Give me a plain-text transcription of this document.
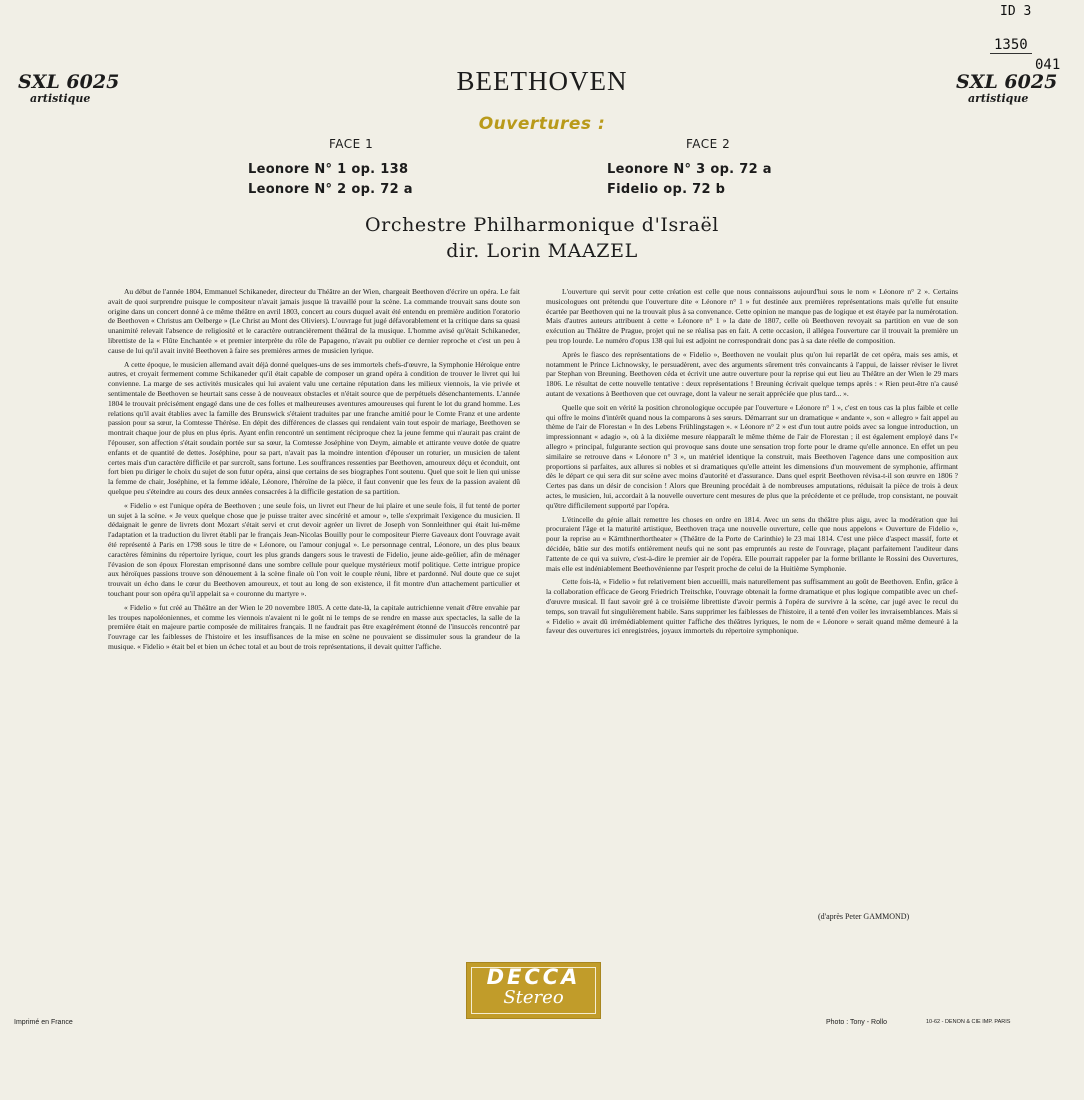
ID 3
1350
041
SXL 6025
artistique
SXL 6025
artistique
BEETHOVEN
Ouvertures :
FACE 1
Leonore N° 1 op. 138
Leonore N° 2 op. 72 a
FACE 2
Leonore N° 3 op. 72 a
Fidelio op. 72 b
Orchestre Philharmonique d'Israël
dir. Lorin MAAZEL

Au début de l'année 1804, Emmanuel Schikaneder, directeur du Théâtre an der Wien, chargeait Beethoven d'écrire un opéra. Le fait avait de quoi surprendre puisque le compositeur n'avait jamais jusque là travaillé pour la scène. La commande trouvait sans doute son origine dans un concert donné à ce même théâtre en avril 1803, concert au cours duquel avait été entendu en première audition l'oratorio de Beethoven « Christus am Oelberge » (Le Christ au Mont des Oliviers). L'ouvrage fut jugé défavorablement et la critique dans sa quasi unanimité relevait l'absence de religiosité et le caractère outrancièrement théâtral de la musique. L'homme avisé qu'était Schikaneder, librettiste de la « Flûte Enchantée » et premier interprète du rôle de Papageno, n'avait pu oublier ce dernier reproche et c'est un peu à cause de lui qu'il avait invité Beethoven à faire ses premières armes de musicien lyrique.

A cette époque, le musicien allemand avait déjà donné quelques-uns de ses immortels chefs-d'œuvre, la Symphonie Héroïque entre autres, et croyait fermement comme Schikaneder qu'il était capable de composer un grand opéra à condition de trouver le livret qui lui convienne. La marge de ses activités musicales qui lui avaient valu une certaine réputation dans les milieux viennois, la vie privée et sentimentale de Beethoven se heurtait sans cesse à de nouveaux obstacles et n'était source que de perpétuels désenchantements. L'année 1804 le trouvait précisément engagé dans une de ces folles et malheureuses aventures amoureuses qui furent le lot du grand homme. Les relations qu'il avait établies avec la famille des Brunswick s'étaient traduites par une franche amitié pour le Comte Franz et une ardente passion pour sa sœur, la Comtesse Thérèse. En dépit des différences de classes qui rendaient vain tout espoir de mariage, Beethoven se montrait chaque jour de plus en plus épris. Ayant enfin rencontré un sentiment réciproque chez la jeune femme qui n'aurait pas craint de l'épouser, son affection s'était soudain portée sur sa sœur, la Comtesse Joséphine von Deym, aimable et attirante veuve dotée de quatre enfants et de quantité de dettes. Joséphine, pour sa part, n'avait pas la moindre intention d'épouser un roturier, un musicien de talent certes mais d'un caractère difficile et par surcroît, sans fortune. Les souffrances ressenties par Beethoven, amoureux déçu et éconduit, ont fort bien pu diriger le choix du sujet de son futur opéra, ainsi que certains de ses biographes l'ont soutenu. Quel que soit le lien qui unisse la femme de chair, Joséphine, et la femme idéale, Léonore, l'héroïne de la pièce, il faut convenir que les feux de la passion avaient dû quelque peu s'éteindre au cours des deux années consacrées à la difficile gestation de sa partition.

« Fidelio » est l'unique opéra de Beethoven ; une seule fois, un livret eut l'heur de lui plaire et une seule fois, il fut tenté de porter un sujet à la scène. « Je veux quelque chose que je puisse traiter avec sincérité et amour », telle s'exprimait l'exigence du musicien. Il dédaignait le genre de livrets dont Mozart s'était servi et crut devoir agréer un livret de Joseph von Sonnleithner qui était lui-même l'adaptation et la traduction du livret établi par le français Jean-Nicolas Bouilly pour le compositeur Pierre Gaveaux dont l'ouvrage avait été représenté à Paris en 1798 sous le titre de « Léonore, ou l'amour conjugal ». Le personnage central, Léonore, un des plus beaux caractères féminins du répertoire lyrique, court les plus grands dangers sous le travesti de Fidelio, jeune aide-geôlier, afin de ménager l'évasion de son époux Florestan emprisonné dans une sombre cellule pour quelque mystérieux motif politique. Cette intrigue propice aux héroïques passions trouve son dénouement à la scène finale où l'on voit le couple réuni, libre et pardonné. Nul doute que ce sujet trouvait un écho dans le cœur du Beethoven amoureux, et tout au long de son existence, il fit montre d'un attachement particulier et touchant pour son opéra qu'il appelait sa « couronne du martyre ».

« Fidelio » fut créé au Théâtre an der Wien le 20 novembre 1805. A cette date-là, la capitale autrichienne venait d'être envahie par les troupes napoléoniennes, et comme les viennois n'avaient ni le goût ni le temps de se rendre en masse aux spectacles, la salle de la première était en majeure partie composée de militaires français. Il ne faudrait pas être exagérément étonné de l'insuccès rencontré par l'ouvrage car les faiblesses de l'histoire et les insuffisances de la mise en scène ne pouvaient se dissimuler sous la grandeur de la musique. « Fidelio » était bel et bien un échec total et au bout de trois représentations, il devait quitter l'affiche.

L'ouverture qui servit pour cette création est celle que nous connaissons aujourd'hui sous le nom « Léonore n° 2 ». Certains musicologues ont prétendu que l'ouverture dite « Léonore n° 1 » fut destinée aux premières représentations mais qu'elle fut ensuite écartée par Beethoven qui ne la trouvait plus à sa convenance. Cette opinion ne manque pas de logique et est étayée par la numérotation. Mais d'autres auteurs attribuent à cette « Léonore n° 1 » la date de 1807, celle où Beethoven revoyait sa partition en vue de son exécution au Théâtre de Prague, projet qui ne se réalisa pas en fait. A cette occasion, il allégea l'ouverture car il trouvait la première un peu trop lourde. Le numéro d'opus 138 qui lui est adjoint ne correspondrait donc pas à sa date réelle de composition.

Après le fiasco des représentations de « Fidelio », Beethoven ne voulait plus qu'on lui reparlât de cet opéra, mais ses amis, et notamment le Prince Lichnowsky, le persuadèrent, avec des arguments sûrement très convaincants à l'appui, de laisser réviser le livret par Stephan von Breuning. Beethoven céda et écrivit une autre ouverture pour la reprise qui eut lieu au Théâtre an der Wien le 29 mars 1806. Le résultat de cette nouvelle tentative : deux représentations ! Breuning écrivait quelque temps après : « Rien peut-être n'a causé autant de vexations à Beethoven que cet ouvrage, dont la valeur ne serait appréciée que plus tard... ».

Quelle que soit en vérité la position chronologique occupée par l'ouverture « Léonore n° 1 », c'est en tous cas la plus faible et celle qui offre le moins d'intérêt quand nous la comparons à ses sœurs. Démarrant sur un dramatique « andante », son « allegro » fait appel au thème de l'air de Florestan « In des Lebens Frühlingstagen ». « Léonore n° 2 » est d'un tout autre poids avec sa longue introduction, un impressionnant « adagio », où à la dixième mesure réapparaît le même thème de l'air de Florestan ; il est également employé dans l'« allegro » principal, fulgurante section qui provoque sans doute une sensation trop forte pour le drame qu'elle annonce. En effet un peu similaire se retrouve dans « Léonore n° 3 », un matériel identique la construit, mais Beethoven l'agence dans une composition aux proportions si parfaites, aux allures si nobles et si dramatiques qu'elle atteint les dimensions d'un mouvement de symphonie, affirmant dès le départ ce qui sera dit sur scène avec moins d'autorité et d'assurance. Dans quel esprit Beethoven révisa-t-il son œuvre en 1806 ? Certes pas dans un désir de concision ! Alors que Breuning procédait à de nombreuses amputations, réduisait la pièce de trois à deux actes, le musicien, lui, accordait à la nouvelle ouverture cent mesures de plus que la précédente et ce prélude, trop consistant, ne pouvait qu'être difficilement supporté par l'opéra.

L'étincelle du génie allait remettre les choses en ordre en 1814. Avec un sens du théâtre plus aigu, avec la modération que lui procuraient l'âge et la maturité artistique, Beethoven traça une nouvelle ouverture, celle que nous appelons « Ouverture de Fidelio », pour la reprise au « Kärnthnerthortheater » (Théâtre de la Porte de Carinthie) le 23 mai 1814. C'est une pièce d'aspect massif, forte et décidée, bâtie sur des motifs entièrement neufs qui ne sont pas empruntés au reste de l'ouvrage, plaçant parfaitement l'auditeur dans l'attente de ce qui va suivre, c'est-à-dire le premier air de l'opéra. Elle pourrait rappeler par la forme brillante le Rossini des Ouvertures, mais elle est indéniablement Beethovénienne par l'esprit proche de celui de la Huitième Symphonie.

Cette fois-là, « Fidelio » fut relativement bien accueilli, mais naturellement pas suffisamment au goût de Beethoven. Enfin, grâce à la collaboration efficace de Georg Friedrich Treitschke, l'ouvrage obtenait la forme dramatique et plus logique compatible avec un chef-d'œuvre musical. Il faut savoir gré à ce troisième librettiste d'avoir permis à l'opéra de survivre à la scène, car jugé avec le recul du temps, son travail fut singulièrement habile. Sans supprimer les faiblesses de l'histoire, il a tenté d'en voiler les invraisemblances. Mais si « Fidelio » avait dû irrémédiablement quitter l'affiche des théâtres lyriques, le nom de « Léonore » serait quand même demeuré à la faveur des ouvertures ici enregistrées, joyaux immortels du répertoire symphonique.

(d'après Peter GAMMOND)
DECCA
Stereo
Imprimé en France	Photo : Tony - Rollo	10-62 - DENON & CIE IMP. PARIS
